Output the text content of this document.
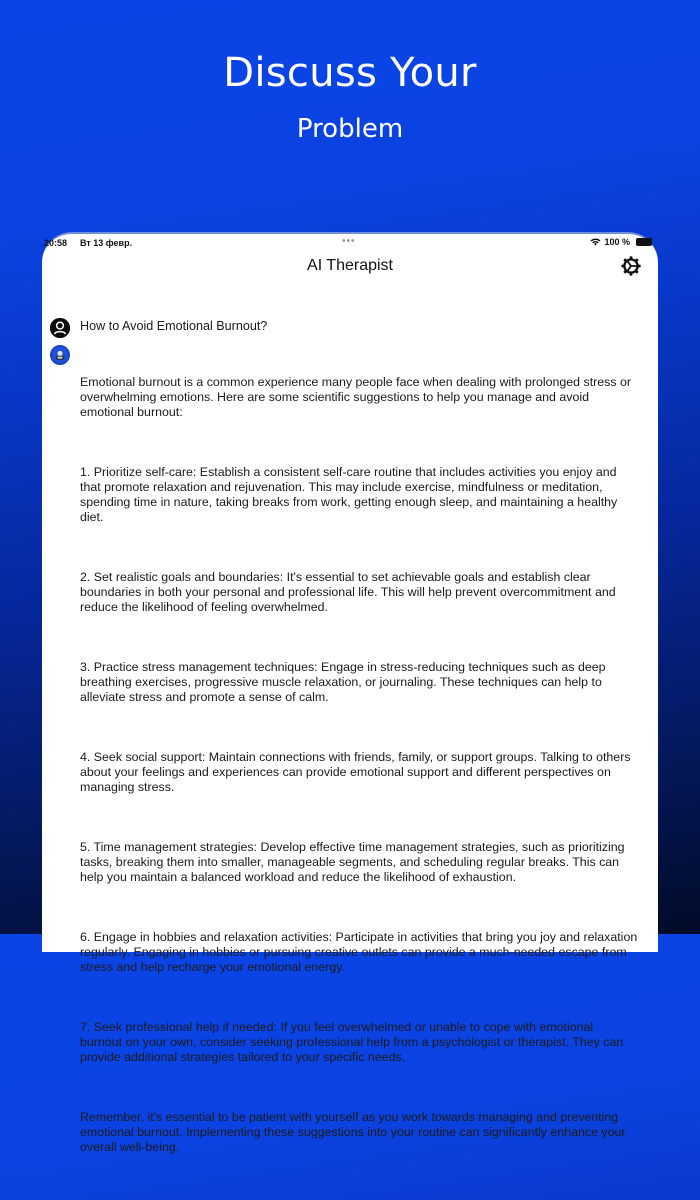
Discuss Your
Problem
20:58 Вт 13 февр.	•••	100 %
AI Therapist
How to Avoid Emotional Burnout?

Emotional burnout is a common experience many people face when dealing with prolonged stress or overwhelming emotions. Here are some scientific suggestions to help you manage and avoid emotional burnout:

1. Prioritize self-care: Establish a consistent self-care routine that includes activities you enjoy and that promote relaxation and rejuvenation. This may include exercise, mindfulness or meditation, spending time in nature, taking breaks from work, getting enough sleep, and maintaining a healthy diet.

2. Set realistic goals and boundaries: It's essential to set achievable goals and establish clear boundaries in both your personal and professional life. This will help prevent overcommitment and reduce the likelihood of feeling overwhelmed.

3. Practice stress management techniques: Engage in stress-reducing techniques such as deep breathing exercises, progressive muscle relaxation, or journaling. These techniques can help to alleviate stress and promote a sense of calm.

4. Seek social support: Maintain connections with friends, family, or support groups. Talking to others about your feelings and experiences can provide emotional support and different perspectives on managing stress.

5. Time management strategies: Develop effective time management strategies, such as prioritizing tasks, breaking them into smaller, manageable segments, and scheduling regular breaks. This can help you maintain a balanced workload and reduce the likelihood of exhaustion.

6. Engage in hobbies and relaxation activities: Participate in activities that bring you joy and relaxation regularly. Engaging in hobbies or pursuing creative outlets can provide a much-needed escape from stress and help recharge your emotional energy.

7. Seek professional help if needed: If you feel overwhelmed or unable to cope with emotional burnout on your own, consider seeking professional help from a psychologist or therapist. They can provide additional strategies tailored to your specific needs.

Remember, it's essential to be patient with yourself as you work towards managing and preventing emotional burnout. Implementing these suggestions into your routine can significantly enhance your overall well-being.
